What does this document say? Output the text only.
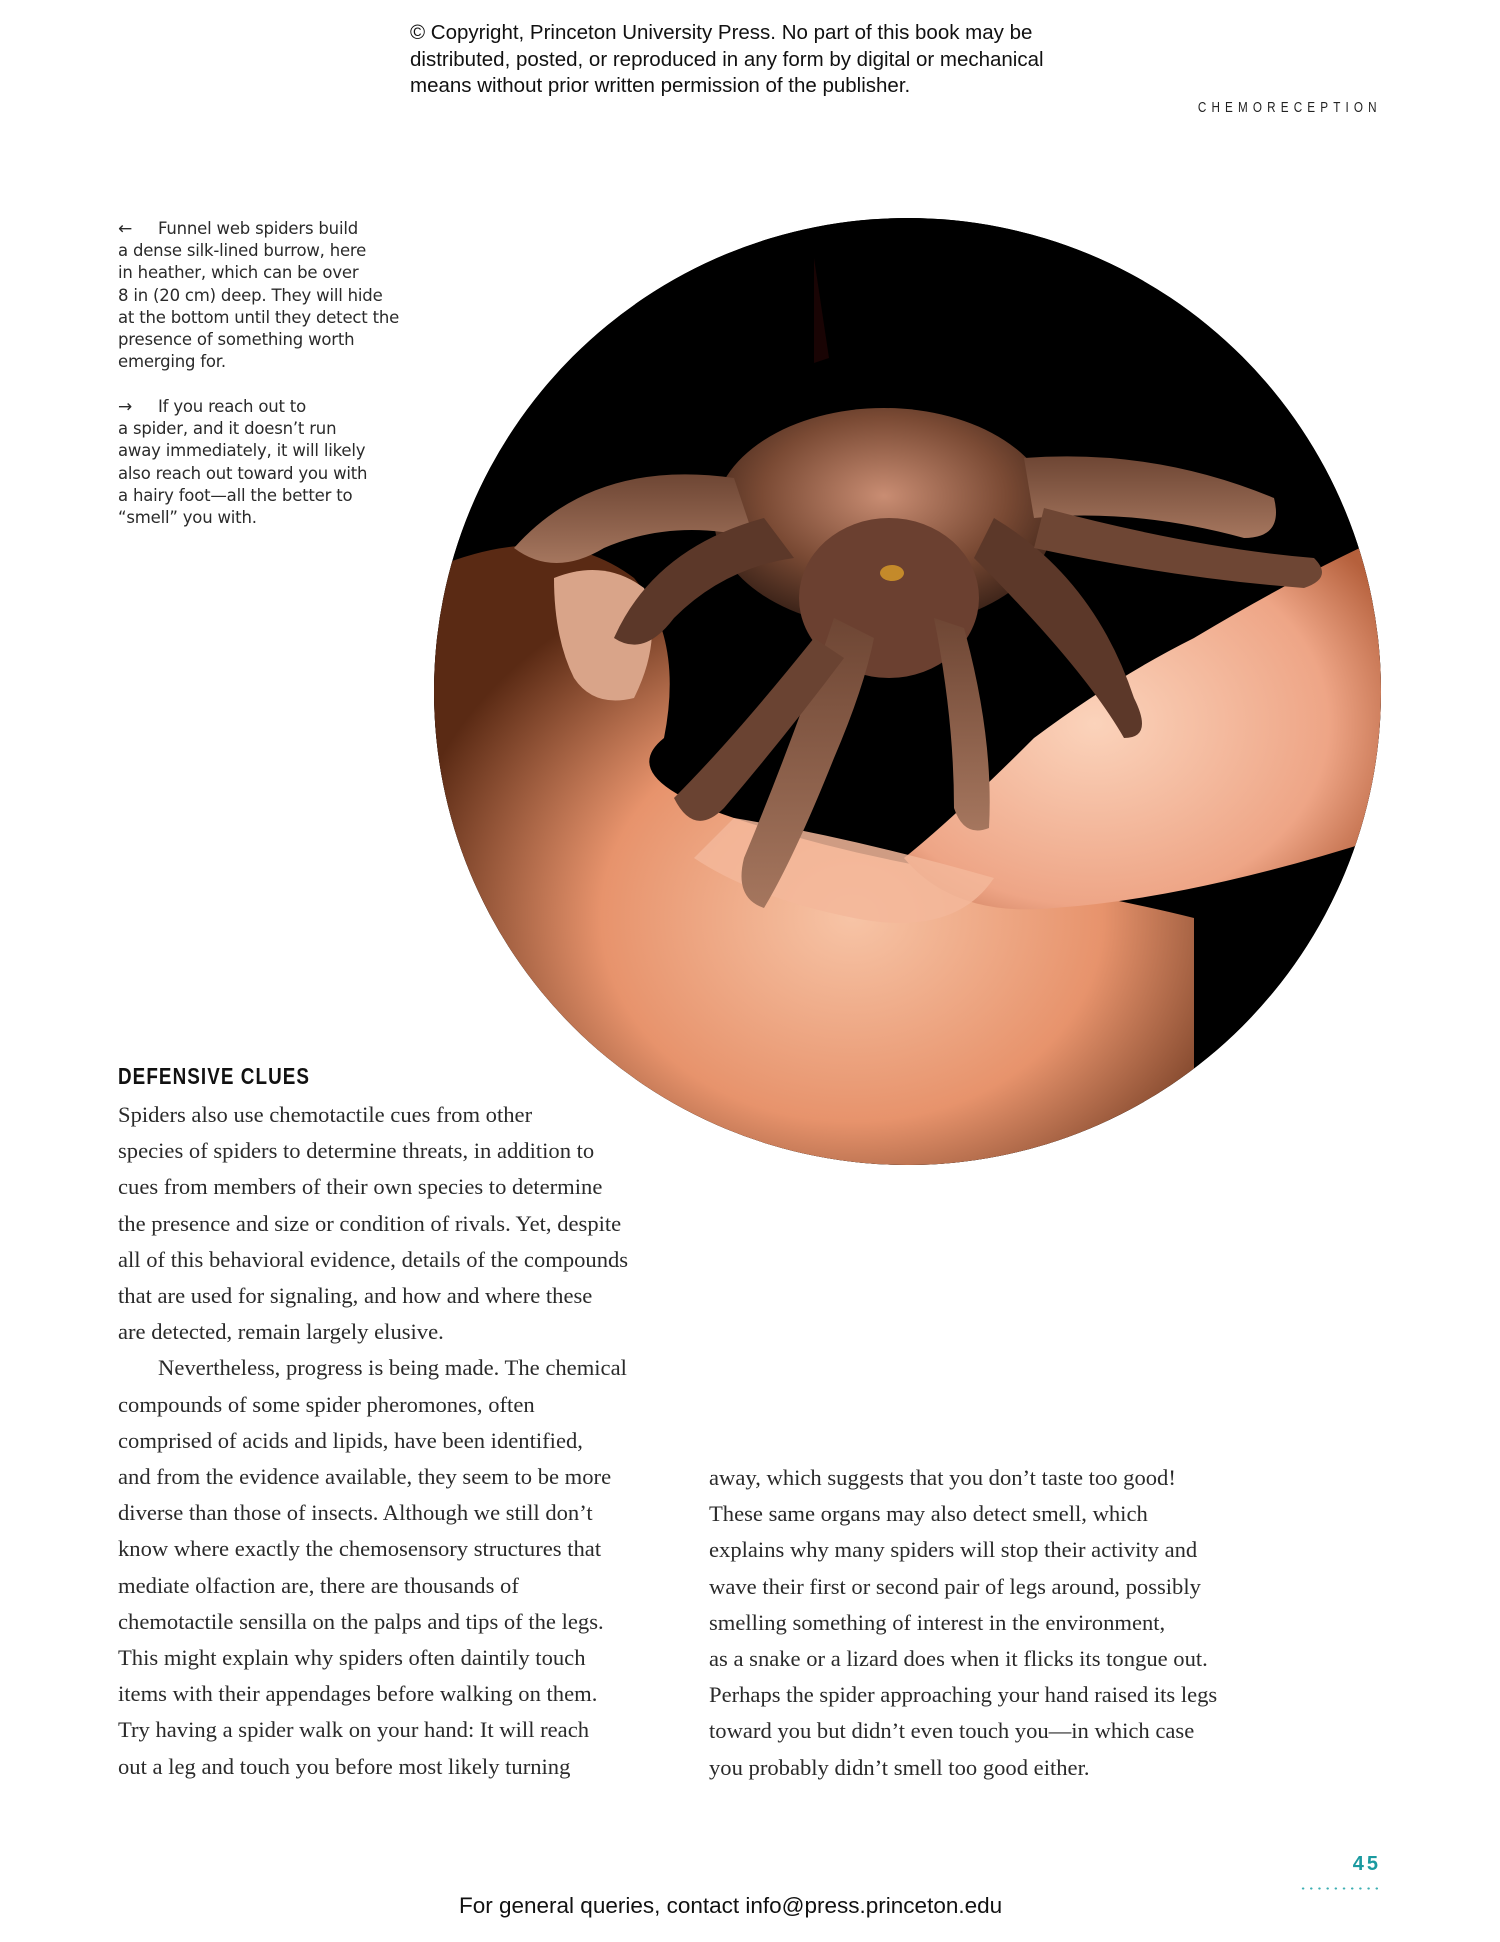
© Copyright, Princeton University Press. No part of this book may be
distributed, posted, or reproduced in any form by digital or mechanical
means without prior written permission of the publisher.
CHEMORECEPTION
← Funnel web spiders build
a dense silk-lined burrow, here
in heather, which can be over
8 in (20 cm) deep. They will hide
at the bottom until they detect the
presence of something worth
emerging for.
→ If you reach out to
a spider, and it doesn’t run
away immediately, it will likely
also reach out toward you with
a hairy foot—all the better to
“smell” you with.
DEFENSIVE CLUES
Spiders also use chemotactile cues from other
species of spiders to determine threats, in addition to
cues from members of their own species to determine
the presence and size or condition of rivals. Yet, despite
all of this behavioral evidence, details of the compounds
that are used for signaling, and how and where these
are detected, remain largely elusive.
Nevertheless, progress is being made. The chemical
compounds of some spider pheromones, often
comprised of acids and lipids, have been identified,
and from the evidence available, they seem to be more
diverse than those of insects. Although we still don’t
know where exactly the chemosensory structures that
mediate olfaction are, there are thousands of
chemotactile sensilla on the palps and tips of the legs.
This might explain why spiders often daintily touch
items with their appendages before walking on them.
Try having a spider walk on your hand: It will reach
out a leg and touch you before most likely turning
away, which suggests that you don’t taste too good!
These same organs may also detect smell, which
explains why many spiders will stop their activity and
wave their first or second pair of legs around, possibly
smelling something of interest in the environment,
as a snake or a lizard does when it flicks its tongue out.
Perhaps the spider approaching your hand raised its legs
toward you but didn’t even touch you—in which case
you probably didn’t smell too good either.
45
For general queries, contact info@press.princeton.edu
